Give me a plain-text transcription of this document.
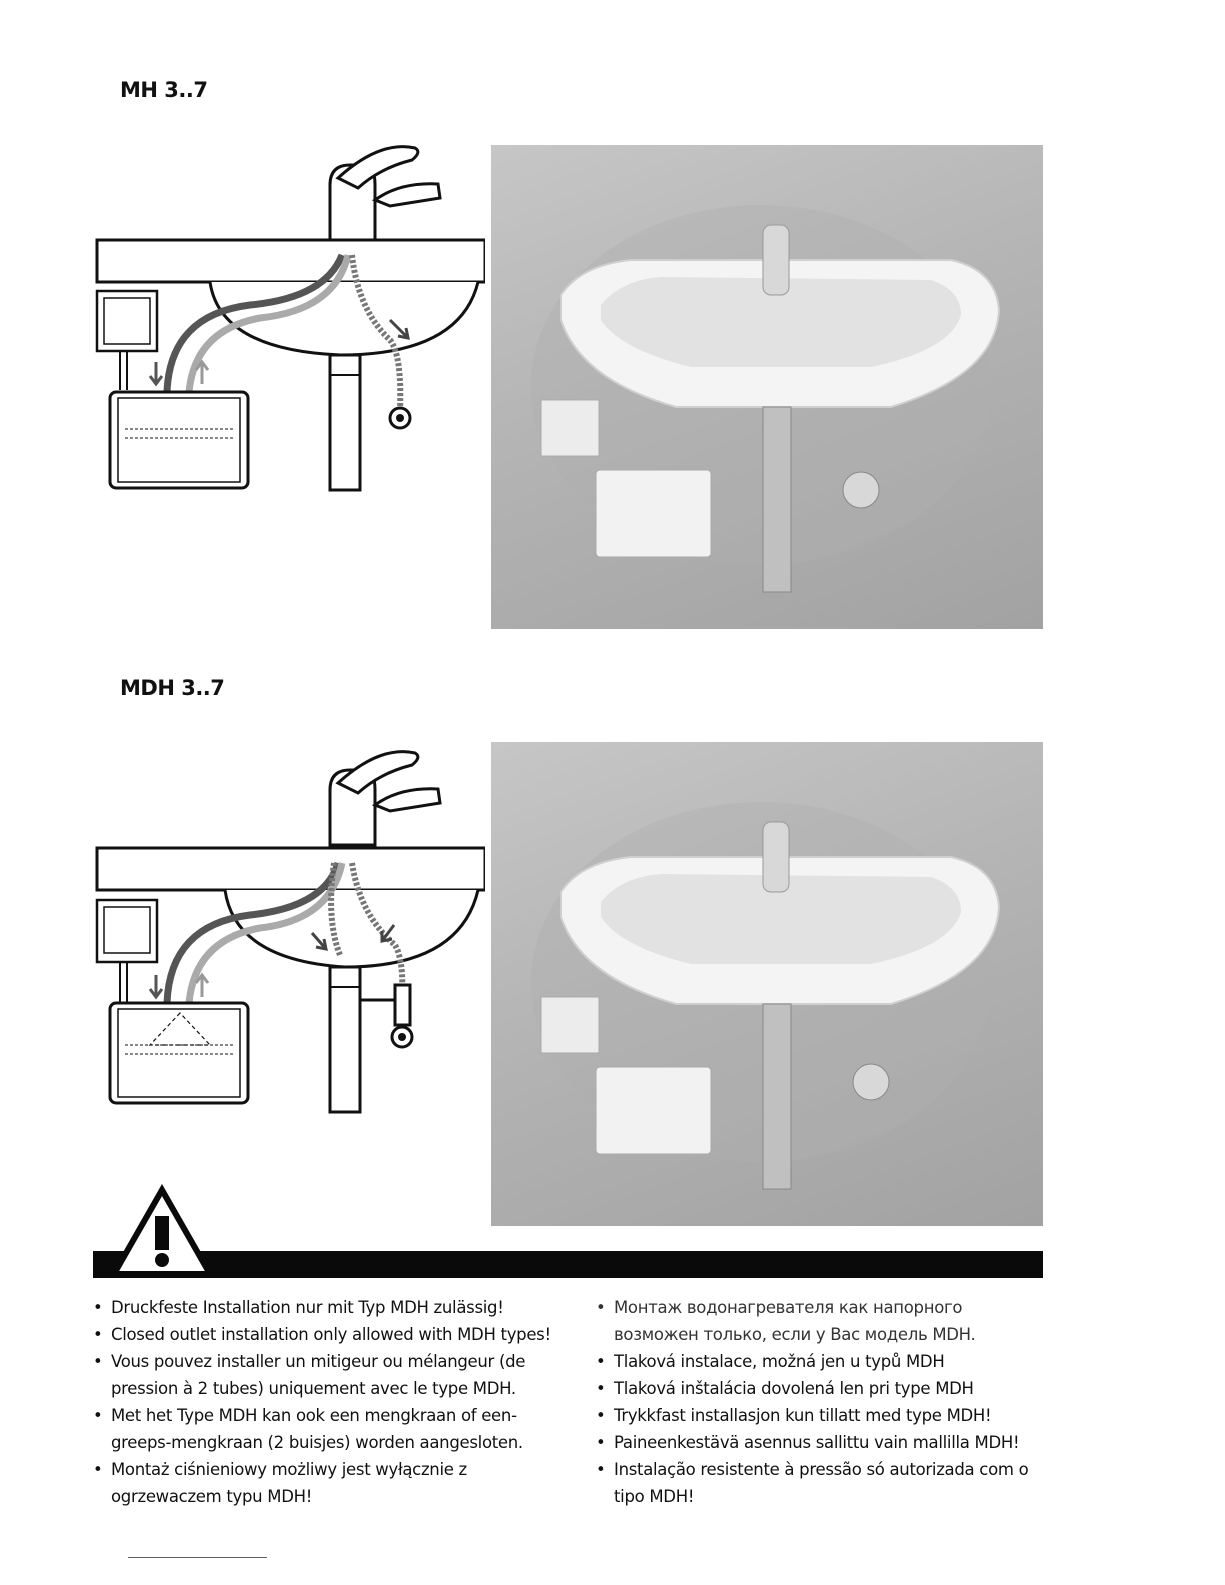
MH 3..7
MDH 3..7
• Druckfeste Installation nur mit Typ MDH zulässig!
• Closed outlet installation only allowed with MDH types!
• Vous pouvez installer un mitigeur ou mélangeur (de pression à 2 tubes) uniquement avec le type MDH.
• Met het Type MDH kan ook een mengkraan of een-greeps-mengkraan (2 buisjes) worden aangesloten.
• Montaż ciśnieniowy możliwy jest wyłącznie z ogrzewaczem typu MDH!
• Монтаж водонагревателя как напорного возможен только, если у Вас модель MDH.
• Tlaková instalace, možná jen u typů MDH
• Tlaková inštalácia dovolená len pri type MDH
• Trykkfast installasjon kun tillatt med type MDH!
• Paineenkestävä asennus sallittu vain mallilla MDH!
• Instalação resistente à pressão só autorizada com o tipo MDH!
